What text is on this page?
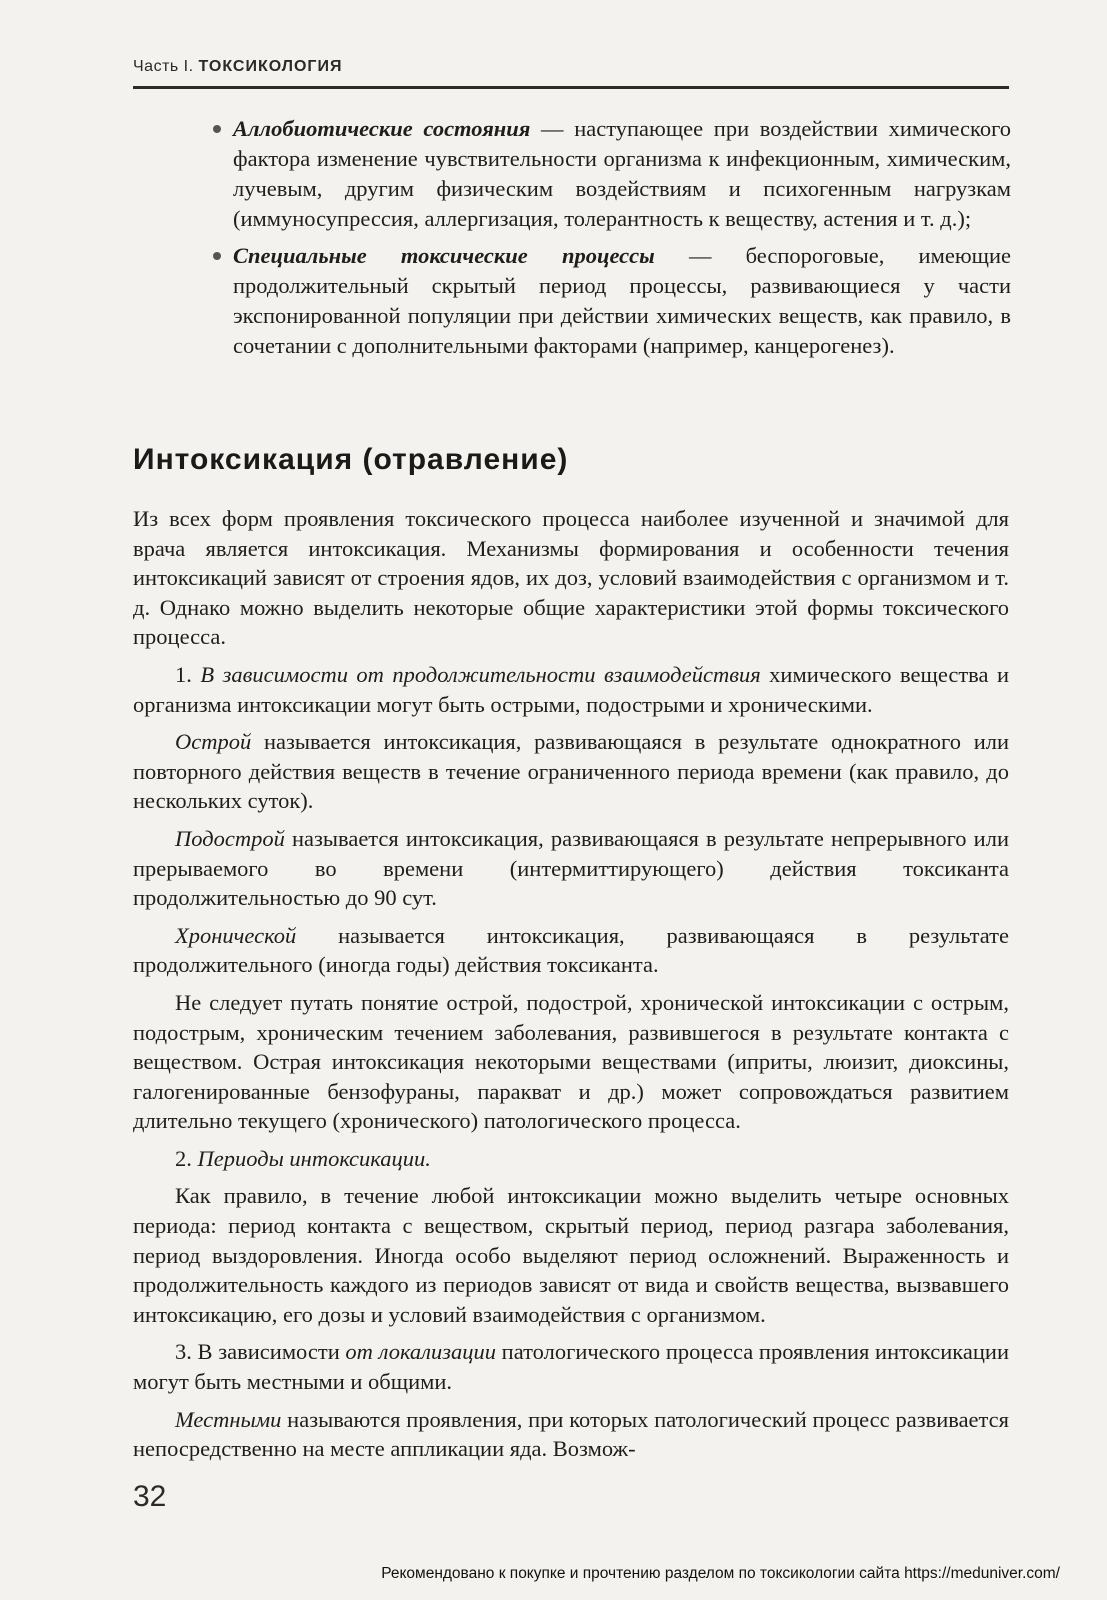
Часть I. ТОКСИКОЛОГИЯ
Аллобиотические состояния — наступающее при воздействии химического фактора изменение чувствительности организма к инфекционным, химическим, лучевым, другим физическим воздействиям и психогенным нагрузкам (иммуносупрессия, аллергизация, толерантность к веществу, астения и т. д.);
Специальные токсические процессы — беспороговые, имеющие продолжительный скрытый период процессы, развивающиеся у части экспонированной популяции при действии химических веществ, как правило, в сочетании с дополнительными факторами (например, канцерогенез).
Интоксикация (отравление)

Из всех форм проявления токсического процесса наиболее изученной и значимой для врача является интоксикация. Механизмы формирования и особенности течения интоксикаций зависят от строения ядов, их доз, условий взаимодействия с организмом и т. д. Однако можно выделить некоторые общие характеристики этой формы токсического процесса.

1. В зависимости от продолжительности взаимодействия химического вещества и организма интоксикации могут быть острыми, подострыми и хроническими.

Острой называется интоксикация, развивающаяся в результате однократного или повторного действия веществ в течение ограниченного периода времени (как правило, до нескольких суток).

Подострой называется интоксикация, развивающаяся в результате непрерывного или прерываемого во времени (интермиттирующего) действия токсиканта продолжительностью до 90 сут.

Хронической называется интоксикация, развивающаяся в результате продолжительного (иногда годы) действия токсиканта.

Не следует путать понятие острой, подострой, хронической интоксикации с острым, подострым, хроническим течением заболевания, развившегося в результате контакта с веществом. Острая интоксикация некоторыми веществами (иприты, люизит, диоксины, галогенированные бензофураны, паракват и др.) может сопровождаться развитием длительно текущего (хронического) патологического процесса.

2. Периоды интоксикации.

Как правило, в течение любой интоксикации можно выделить четыре основных периода: период контакта с веществом, скрытый период, период разгара заболевания, период выздоровления. Иногда особо выделяют период осложнений. Выраженность и продолжительность каждого из периодов зависят от вида и свойств вещества, вызвавшего интоксикацию, его дозы и условий взаимодействия с организмом.

3. В зависимости от локализации патологического процесса проявления интоксикации могут быть местными и общими.

Местными называются проявления, при которых патологический процесс развивается непосредственно на месте аппликации яда. Возмож-

32
Рекомендовано к покупке и прочтению разделом по токсикологии сайта https://meduniver.com/
